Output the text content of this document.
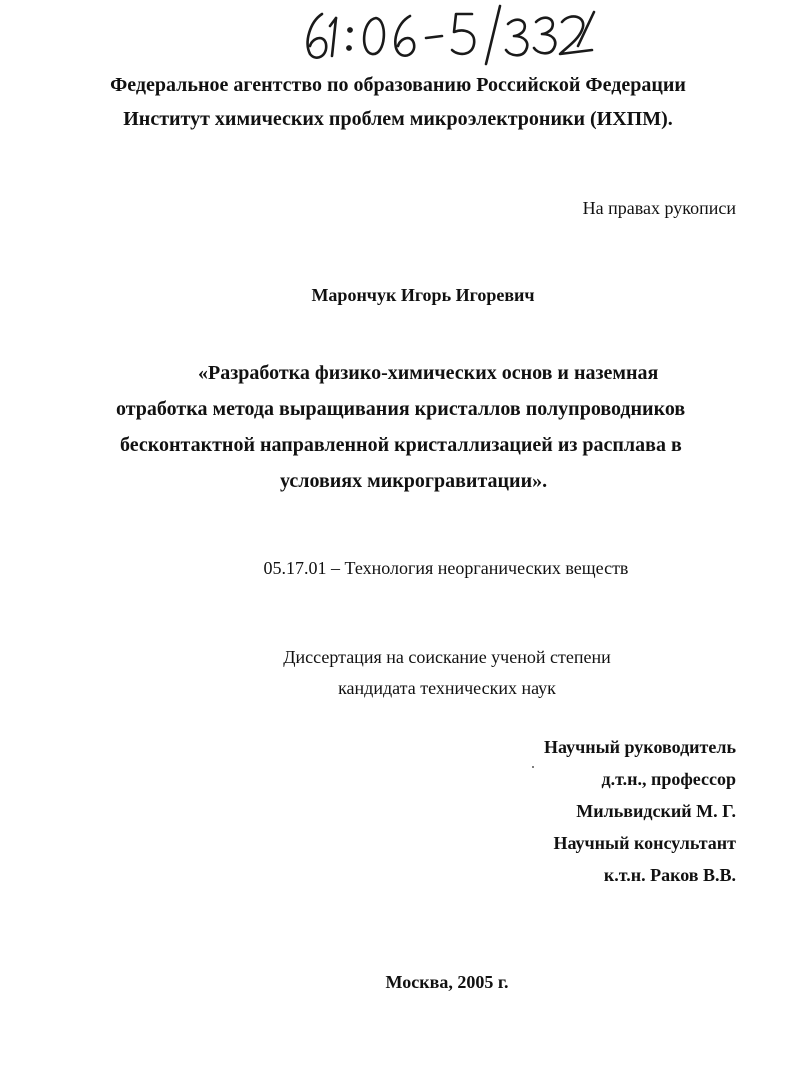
Федеральное агентство по образованию Российской Федерации
Институт химических проблем микроэлектроники (ИХПМ).
На правах рукописи
Марончук Игорь Игоревич
«Разработка физико-химических основ и наземная
отработка метода выращивания кристаллов полупроводников
бесконтактной направленной кристаллизацией из расплава в
условиях микрогравитации».
05.17.01 – Технология неорганических веществ
Диссертация на соискание ученой степени
кандидата технических наук
Научный руководитель
д.т.н., профессор
Мильвидский М. Г.
Научный консультант
к.т.н. Раков В.В.
Москва, 2005 г.
